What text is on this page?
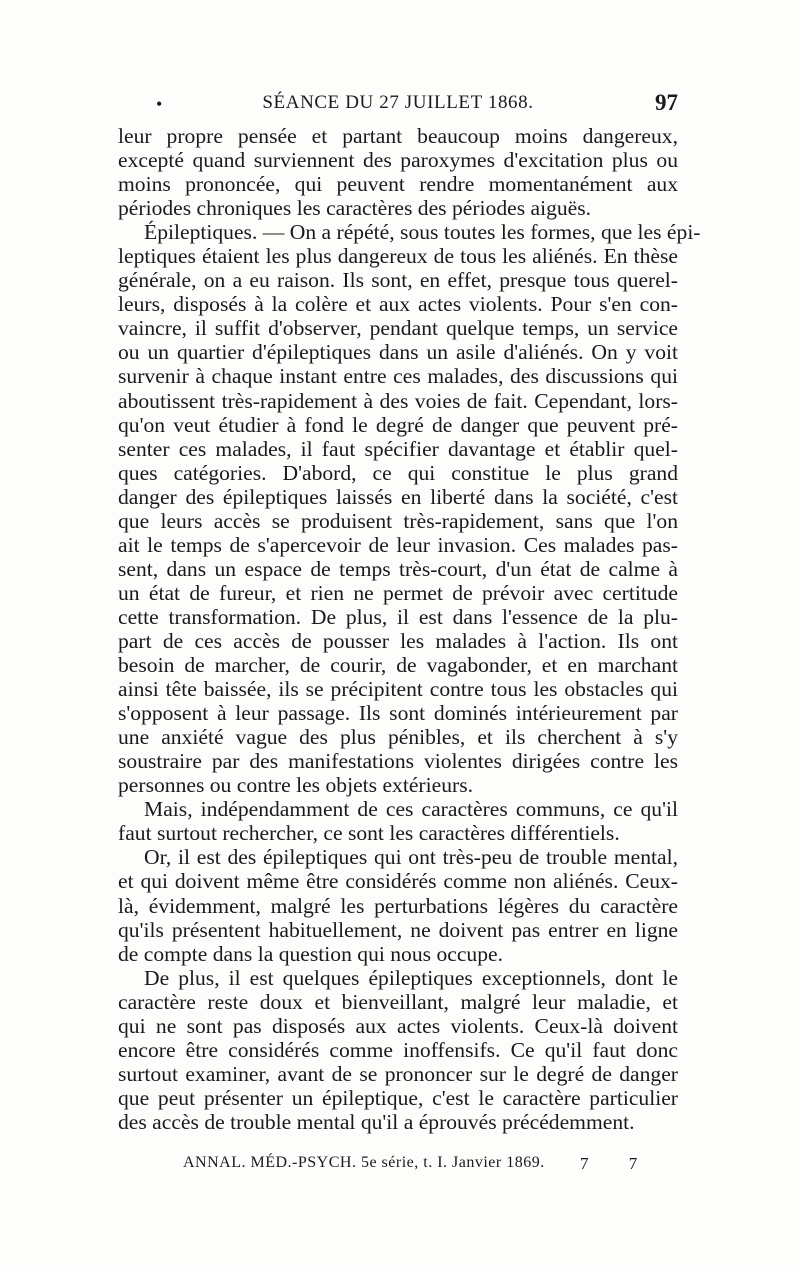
•	SÉANCE DU 27 JUILLET 1868.	97
leur propre pensée et partant beaucoup moins dangereux,
excepté quand surviennent des paroxymes d'excitation plus ou
moins prononcée, qui peuvent rendre momentanément aux
périodes chroniques les caractères des périodes aiguës.
Épileptiques. — On a répété, sous toutes les formes, que les épi-
leptiques étaient les plus dangereux de tous les aliénés. En thèse
générale, on a eu raison. Ils sont, en effet, presque tous querel-
leurs, disposés à la colère et aux actes violents. Pour s'en con-
vaincre, il suffit d'observer, pendant quelque temps, un service
ou un quartier d'épileptiques dans un asile d'aliénés. On y voit
survenir à chaque instant entre ces malades, des discussions qui
aboutissent très-rapidement à des voies de fait. Cependant, lors-
qu'on veut étudier à fond le degré de danger que peuvent pré-
senter ces malades, il faut spécifier davantage et établir quel-
ques catégories. D'abord, ce qui constitue le plus grand
danger des épileptiques laissés en liberté dans la société, c'est
que leurs accès se produisent très-rapidement, sans que l'on
ait le temps de s'apercevoir de leur invasion. Ces malades pas-
sent, dans un espace de temps très-court, d'un état de calme à
un état de fureur, et rien ne permet de prévoir avec certitude
cette transformation. De plus, il est dans l'essence de la plu-
part de ces accès de pousser les malades à l'action. Ils ont
besoin de marcher, de courir, de vagabonder, et en marchant
ainsi tête baissée, ils se précipitent contre tous les obstacles qui
s'opposent à leur passage. Ils sont dominés intérieurement par
une anxiété vague des plus pénibles, et ils cherchent à s'y
soustraire par des manifestations violentes dirigées contre les
personnes ou contre les objets extérieurs.
Mais, indépendamment de ces caractères communs, ce qu'il
faut surtout rechercher, ce sont les caractères différentiels.
Or, il est des épileptiques qui ont très-peu de trouble mental,
et qui doivent même être considérés comme non aliénés. Ceux-
là, évidemment, malgré les perturbations légères du caractère
qu'ils présentent habituellement, ne doivent pas entrer en ligne
de compte dans la question qui nous occupe.
De plus, il est quelques épileptiques exceptionnels, dont le
caractère reste doux et bienveillant, malgré leur maladie, et
qui ne sont pas disposés aux actes violents. Ceux-là doivent
encore être considérés comme inoffensifs. Ce qu'il faut donc
surtout examiner, avant de se prononcer sur le degré de danger
que peut présenter un épileptique, c'est le caractère particulier
des accès de trouble mental qu'il a éprouvés précédemment.
ANNAL. MÉD.-PSYCH. 5e série, t. I. Janvier 1869. 7 7
